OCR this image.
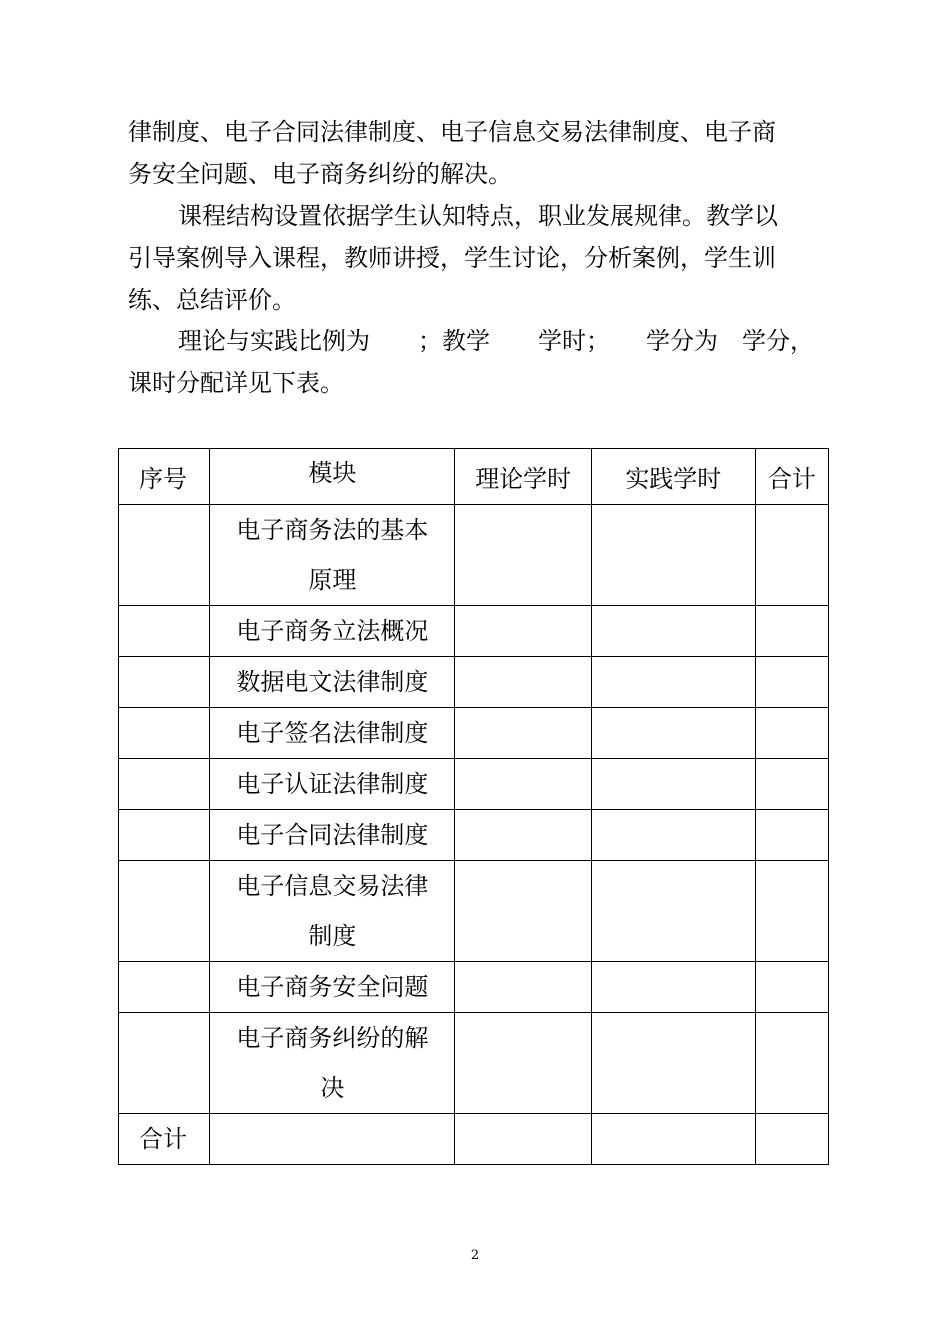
律制度、电子合同法律制度、电子信息交易法律制度、电子商
务安全问题、电子商务纠纷的解决。
课程结构设置依据学生认知特点，职业发展规律。教学以
引导案例导入课程，教师讲授，学生讨论，分析案例，学生训
练、总结评价。
理论与实践比例为　　；教学　　学时；　　学分为　学分，
课时分配详见下表。
序号	模块	理论学时	实践学时	合计
	电子商务法的基本原理			
	电子商务立法概况			
	数据电文法律制度			
	电子签名法律制度			
	电子认证法律制度			
	电子合同法律制度			
	电子信息交易法律制度			
	电子商务安全问题			
	电子商务纠纷的解决			
合计				
2
